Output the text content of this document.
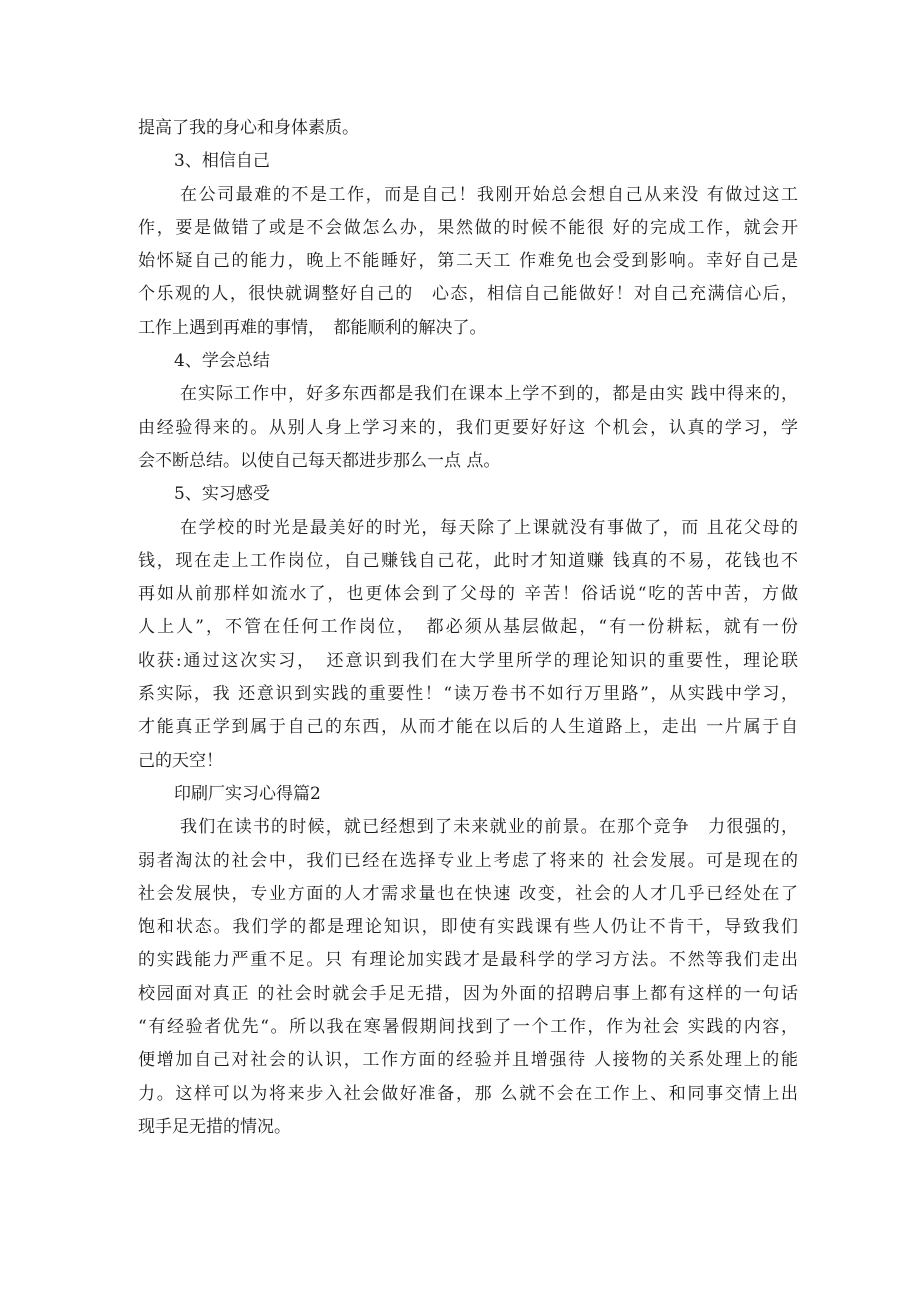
提高了我的身心和身体素质。
3、相信自己
在公司最难的不是工作，而是自己！我刚开始总会想自己从来没 有做过这工
作，要是做错了或是不会做怎么办，果然做的时候不能很 好的完成工作，就会开
始怀疑自己的能力，晚上不能睡好，第二天工 作难免也会受到影响。幸好自己是
个乐观的人，很快就调整好自己的　心态，相信自己能做好！对自己充满信心后，
工作上遇到再难的事情，　都能顺利的解决了。
4、学会总结
在实际工作中，好多东西都是我们在课本上学不到的，都是由实 践中得来的，
由经验得来的。从别人身上学习来的，我们更要好好这 个机会，认真的学习，学
会不断总结。以使自己每天都进步那么一点 点。
5、实习感受
在学校的时光是最美好的时光，每天除了上课就没有事做了，而 且花父母的
钱，现在走上工作岗位，自己赚钱自己花，此时才知道赚 钱真的不易，花钱也不
再如从前那样如流水了，也更体会到了父母的 辛苦！俗话说“吃的苦中苦，方做
人上人”，不管在任何工作岗位，　都必须从基层做起，“有一份耕耘，就有一份
收获:通过这次实习，　还意识到我们在大学里所学的理论知识的重要性，理论联
系实际，我 还意识到实践的重要性！“读万卷书不如行万里路”，从实践中学习，
才能真正学到属于自己的东西，从而才能在以后的人生道路上，走出 一片属于自
己的天空！
印刷厂实习心得篇2
我们在读书的时候，就已经想到了未来就业的前景。在那个竞争　力很强的，
弱者淘汰的社会中，我们已经在选择专业上考虑了将来的 社会发展。可是现在的
社会发展快，专业方面的人才需求量也在快速 改变，社会的人才几乎已经处在了
饱和状态。我们学的都是理论知识，即使有实践课有些人仍让不肯干，导致我们
的实践能力严重不足。只 有理论加实践才是最科学的学习方法。不然等我们走出
校园面对真正 的社会时就会手足无措，因为外面的招聘启事上都有这样的一句话
“有经验者优先“。所以我在寒暑假期间找到了一个工作，作为社会 实践的内容，
便增加自己对社会的认识，工作方面的经验并且增强待 人接物的关系处理上的能
力。这样可以为将来步入社会做好准备，那 么就不会在工作上、和同事交情上出
现手足无措的情况。
